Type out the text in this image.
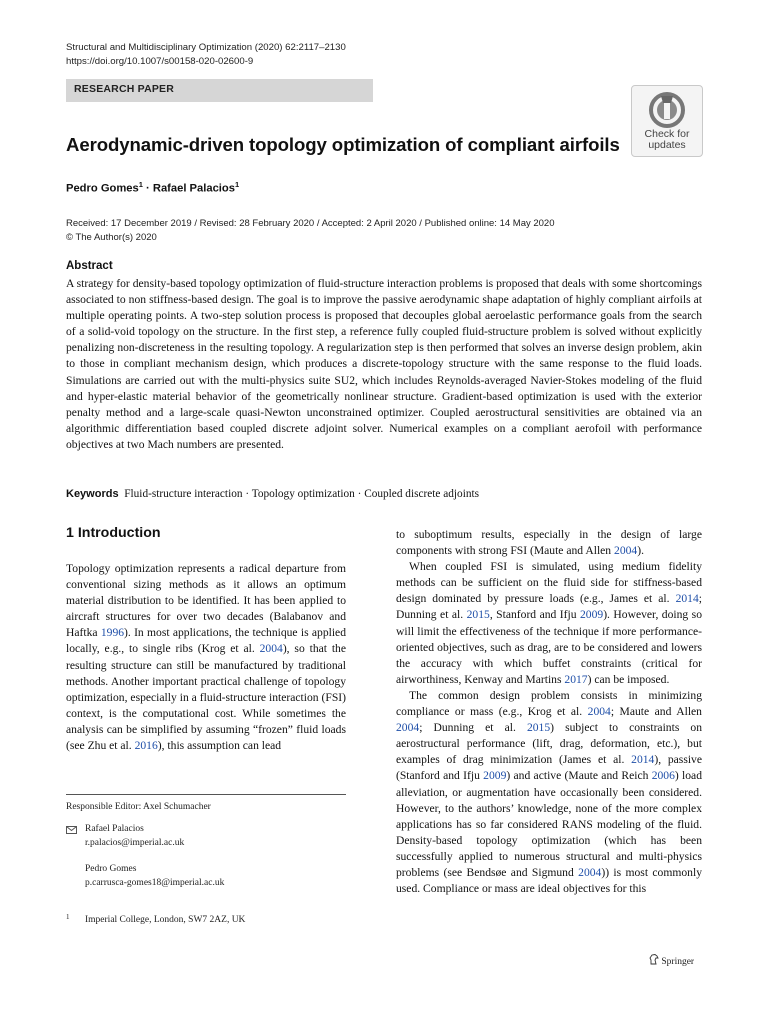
Structural and Multidisciplinary Optimization (2020) 62:2117–2130
https://doi.org/10.1007/s00158-020-02600-9
RESEARCH PAPER
Check for
updates
Aerodynamic-driven topology optimization of compliant airfoils
Pedro Gomes$^1$ · Rafael Palacios$^1$
Received: 17 December 2019 / Revised: 28 February 2020 / Accepted: 2 April 2020 / Published online: 14 May 2020
© The Author(s) 2020
Abstract
A strategy for density-based topology optimization of fluid-structure interaction problems is proposed that deals with some shortcomings associated to non stiffness-based design. The goal is to improve the passive aerodynamic shape adaptation of highly compliant airfoils at multiple operating points. A two-step solution process is proposed that decouples global aeroelastic performance goals from the search of a solid-void topology on the structure. In the first step, a reference fully coupled fluid-structure problem is solved without explicitly penalizing non-discreteness in the resulting topology. A regularization step is then performed that solves an inverse design problem, akin to those in compliant mechanism design, which produces a discrete-topology structure with the same response to the fluid loads. Simulations are carried out with the multi-physics suite SU2, which includes Reynolds-averaged Navier-Stokes modeling of the fluid and hyper-elastic material behavior of the geometrically nonlinear structure. Gradient-based optimization is used with the exterior penalty method and a large-scale quasi-Newton unconstrained optimizer. Coupled aerostructural sensitivities are obtained via an algorithmic differentiation based coupled discrete adjoint solver. Numerical examples on a compliant aerofoil with performance objectives at two Mach numbers are presented.
Keywords Fluid-structure interaction · Topology optimization · Coupled discrete adjoints
1 Introduction

Topology optimization represents a radical departure from conventional sizing methods as it allows an optimum material distribution to be identified. It has been applied to aircraft structures for over two decades (Balabanov and Haftka 1996). In most applications, the technique is applied locally, e.g., to single ribs (Krog et al. 2004), so that the resulting structure can still be manufactured by traditional methods. Another important practical challenge of topology optimization, especially in a fluid-structure interaction (FSI) context, is the computational cost. While sometimes the analysis can be simplified by assuming “frozen” fluid loads (see Zhu et al. 2016), this assumption can lead

to suboptimum results, especially in the design of large components with strong FSI (Maute and Allen 2004).

When coupled FSI is simulated, using medium fidelity methods can be sufficient on the fluid side for stiffness-based design dominated by pressure loads (e.g., James et al. 2014; Dunning et al. 2015, Stanford and Ifju 2009). However, doing so will limit the effectiveness of the technique if more performance-oriented objectives, such as drag, are to be considered and lowers the accuracy with which buffet constraints (critical for airworthiness, Kenway and Martins 2017) can be imposed.

The common design problem consists in minimizing compliance or mass (e.g., Krog et al. 2004; Maute and Allen 2004; Dunning et al. 2015) subject to constraints on aerostructural performance (lift, drag, deformation, etc.), but examples of drag minimization (James et al. 2014), passive (Stanford and Ifju 2009) and active (Maute and Reich 2006) load alleviation, or augmentation have occasionally been considered. However, to the authors’ knowledge, none of the more complex applications has so far considered RANS modeling of the fluid. Density-based topology optimization (which has been successfully applied to numerous structural and multi-physics problems (see Bendsøe and Sigmund 2004)) is most commonly used. Compliance or mass are ideal objectives for this

Responsible Editor: Axel Schumacher
Rafael Palacios
r.palacios@imperial.ac.uk
Pedro Gomes
p.carrusca-gomes18@imperial.ac.uk
1 Imperial College, London, SW7 2AZ, UK
Springer
